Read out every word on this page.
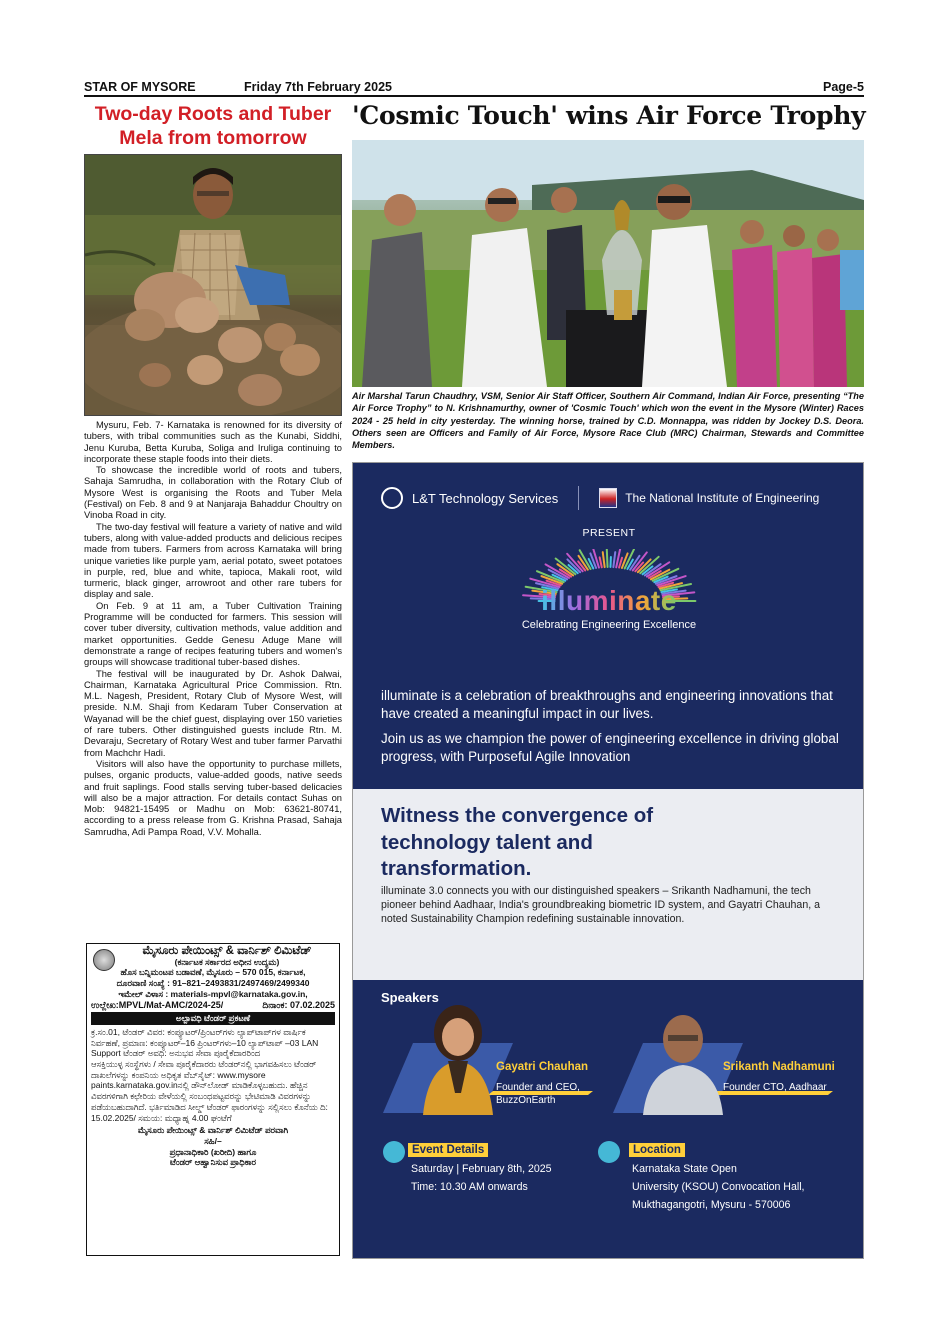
STAR OF MYSORE	Friday 7th February 2025	Page-5
Two-day Roots and Tuber
Mela from tomorrow

Mysuru, Feb. 7- Karnataka is renowned for its diversity of tubers, with tribal communities such as the Kunabi, Siddhi, Jenu Kuruba, Betta Kuruba, Soliga and Iruliga continuing to incorporate these staple foods into their diets.

To showcase the incredible world of roots and tubers, Sahaja Samrudha, in collaboration with the Rotary Club of Mysore West is organising the Roots and Tuber Mela (Festival) on Feb. 8 and 9 at Nanjaraja Bahaddur Choultry on Vinoba Road in city.

The two-day festival will feature a variety of native and wild tubers, along with value-added products and delicious recipes made from tubers. Farmers from across Karnataka will bring unique varieties like purple yam, aerial potato, sweet potatoes in purple, red, blue and white, tapioca, Makali root, wild turmeric, black ginger, arrowroot and other rare tubers for display and sale.

On Feb. 9 at 11 am, a Tuber Cultivation Training Programme will be conducted for farmers. This session will cover tuber diversity, cultivation methods, value addition and market opportunities. Gedde Genesu Aduge Mane will demonstrate a range of recipes featuring tubers and women's groups will showcase traditional tuber-based dishes.

The festival will be inaugurated by Dr. Ashok Dalwai, Chairman, Karnataka Agricultural Price Commission. Rtn. M.L. Nagesh, President, Rotary Club of Mysore West, will preside. N.M. Shaji from Kedaram Tuber Conservation at Wayanad will be the chief guest, displaying over 150 varieties of rare tubers. Other distinguished guests include Rtn. M. Devaraju, Secretary of Rotary West and tuber farmer Parvathi from Machchr Hadi.

Visitors will also have the opportunity to purchase millets, pulses, organic products, value-added goods, native seeds and fruit saplings. Food stalls serving tuber-based delicacies will also be a major attraction. For details contact Suhas on Mob: 94821-15495 or Madhu on Mob: 63621-80741, according to a press release from G. Krishna Prasad, Sahaja Samrudha, Adi Pampa Road, V.V. Mohalla.

ಮೈಸೂರು ಪೇಯಿಂಟ್ಸ್ & ವಾರ್ನಿಶ್ ಲಿಮಿಟೆಡ್
(ಕರ್ನಾಟಕ ಸರ್ಕಾರದ ಅಧೀನ ಉದ್ಯಮ)
ಹೊಸ ಬನ್ನಿಮಂಟಪ ಬಡಾವಣೆ, ಮೈಸೂರು – 570 015, ಕರ್ನಾಟಕ,
ದೂರವಾಣಿ ಸಂಖ್ಯೆ : 91–821–2493831/2497469/2499340
ಇಮೇಲ್ ವಿಳಾಸ : materials-mpvl@karnataka.gov.in,
ಉಲ್ಲೇಖ:MPVL/Mat-AMC/2024-25/	ದಿನಾಂಕ: 07.02.2025
ಅಲ್ಪಾವಧಿ ಟೆಂಡರ್ ಪ್ರಕಟಣೆ
ಕ್ರ.ಸಂ.01, ಟೆಂಡರ್ ವಿವರ: ಕಂಪ್ಯೂಟರ್/ಪ್ರಿಂಟರ್‌ಗಳು ಲ್ಯಾಪ್‌ಟಾಪ್‌ಗಳ ವಾರ್ಷಿಕ ನಿರ್ವಹಣೆ, ಪ್ರಮಾಣ: ಕಂಪ್ಯೂಟರ್–16 ಪ್ರಿಂಟರ್‌ಗಳು–10 ಲ್ಯಾಪ್‌ಟಾಪ್ –03 LAN Support ಟೆಂಡರ್ ಅವಧಿ: ಅನುಭವ ಸೇವಾ ಪೂರೈಕೆದಾರರಿಂದ
ಆಸಕ್ತಿಯುಳ್ಳ ಸಂಸ್ಥೆಗಳು / ಸೇವಾ ಪೂರೈಕೆದಾರರು ಟೆಂಡರ್‌ನಲ್ಲಿ ಭಾಗವಹಿಸಲು ಟೆಂಡರ್ ದಾಖಲೆಗಳನ್ನು ಕಂಪನಿಯ ಅಧಿಕೃತ ವೆಬ್‌ಸೈಟ್: www.mysore paints.karnataka.gov.inನಲ್ಲಿ ಡೌನ್‌ಲೋಡ್ ಮಾಡಿಕೊಳ್ಳಬಹುದು. ಹೆಚ್ಚಿನ ವಿವರಗಳಿಗಾಗಿ ಕಛೇರಿಯ ವೇಳೆಯಲ್ಲಿ ಸಂಬಂಧಪಟ್ಟವರನ್ನು ಭೇಟಿಮಾಡಿ ವಿವರಗಳನ್ನು ಪಡೆಯಬಹುದಾಗಿದೆ. ಭರ್ತಿಮಾಡಿದ ಸೀಲ್ಡ್ ಟೆಂಡರ್ ಫಾರಂಗಳನ್ನು ಸಲ್ಲಿಸಲು ಕೊನೆಯ ದಿ: 15.02.2025/ ಸಮಯ: ಮಧ್ಯಾಹ್ನ 4.00 ಘಂಟೆಗೆ
ಮೈಸೂರು ಪೇಯಿಂಟ್ಸ್ & ವಾರ್ನಿಶ್ ಲಿಮಿಟೆಡ್ ಪರವಾಗಿ
ಸಹಿ/–
ಪ್ರಧಾನಾಧಿಕಾರಿ (ಖರೀದಿ) ಹಾಗೂ
ಟೆಂಡರ್ ಆಹ್ವಾನಿಸುವ ಪ್ರಾಧಿಕಾರ
'Cosmic Touch' wins Air Force Trophy
Air Marshal Tarun Chaudhry, VSM, Senior Air Staff Officer, Southern Air Command, Indian Air Force, presenting “The Air Force Trophy” to N. Krishnamurthy, owner of 'Cosmic Touch' which won the event in the Mysore (Winter) Races 2024 - 25 held in city yesterday. The winning horse, trained by C.D. Monnappa, was ridden by Jockey D.S. Deora. Others seen are Officers and Family of Air Force, Mysore Race Club (MRC) Chairman, Stewards and Committee Members.
L&T Technology Services	The National Institute of Engineering
PRESENT
illuminate
Celebrating Engineering Excellence
illuminate is a celebration of breakthroughs and engineering innovations that have created a meaningful impact in our lives.
Join us as we champion the power of engineering excellence in driving global progress, with Purposeful Agile Innovation
Witness the convergence of technology talent and transformation.
illuminate 3.0 connects you with our distinguished speakers – Srikanth Nadhamuni, the tech pioneer behind Aadhaar, India's groundbreaking biometric ID system, and Gayatri Chauhan, a noted Sustainability Champion redefining sustainable innovation.
Speakers
Gayatri Chauhan
Founder and CEO,
BuzzOnEarth
Srikanth Nadhamuni
Founder CTO, Aadhaar
Event Details
Saturday | February 8th, 2025
Time: 10.30 AM onwards
Location
Karnataka State Open
University (KSOU) Convocation Hall,
Mukthagangotri, Mysuru - 570006
